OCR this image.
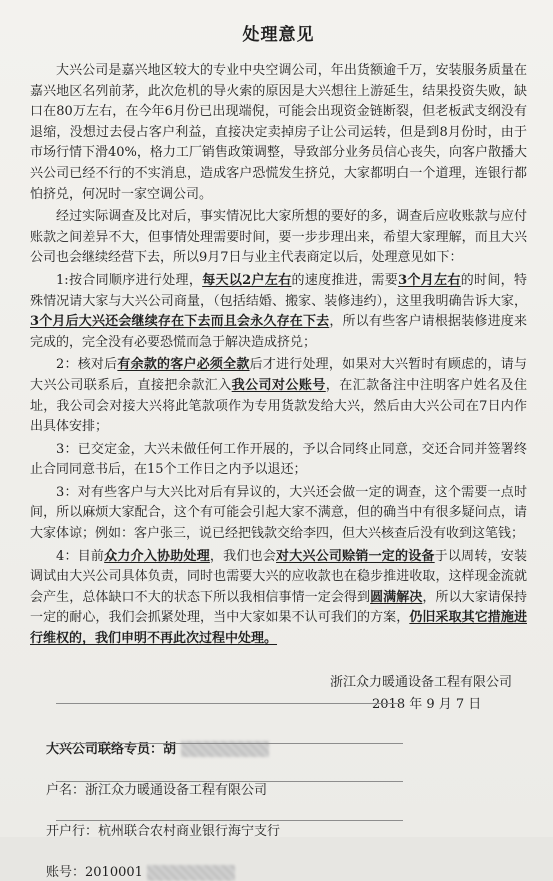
处理意见

大兴公司是嘉兴地区较大的专业中央空调公司，年出货额逾千万，安装服务质量在嘉兴地区名列前茅，此次危机的导火索的原因是大兴想往上游延生，结果投资失败，缺口在80万左右，在今年6月份已出现端倪，可能会出现资金链断裂，但老板武支纲没有退缩，没想过去侵占客户利益，直接决定卖掉房子让公司运转，但是到8月份时，由于市场行情下滑40%，格力工厂销售政策调整，导致部分业务员信心丧失，向客户散播大兴公司已经不行的不实消息，造成客户恐慌发生挤兑，大家都明白一个道理，连银行都怕挤兑，何况时一家空调公司。

经过实际调查及比对后，事实情况比大家所想的要好的多，调查后应收账款与应付账款之间差异不大，但事情处理需要时间，要一步步理出来，希望大家理解，而且大兴公司也会继续经营下去，所以9月7日与业主代表商定以后，处理意见如下：

1:按合同顺序进行处理，每天以2户左右的速度推进，需要3个月左右的时间，特殊情况请大家与大兴公司商量，（包括结婚、搬家、装修违约），这里我明确告诉大家，3个月后大兴还会继续存在下去而且会永久存在下去，所以有些客户请根据装修进度来完成的，完全没有必要恐慌而急于解决造成挤兑；

2：核对后有余款的客户必须全款后才进行处理，如果对大兴暂时有顾虑的，请与大兴公司联系后，直接把余款汇入我公司对公账号，在汇款备注中注明客户姓名及住址，我公司会对接大兴将此笔款项作为专用货款发给大兴，然后由大兴公司在7日内作出具体安排；

3：已交定金，大兴未做任何工作开展的，予以合同终止同意，交还合同并签署终止合同同意书后，在15个工作日之内予以退还；

3：对有些客户与大兴比对后有异议的，大兴还会做一定的调查，这个需要一点时间，所以麻烦大家配合，这个有可能会引起大家不满意，但的确当中有很多疑问点，请大家体谅；例如：客户张三，说已经把钱款交给李四，但大兴核查后没有收到这笔钱；

4：目前众力介入协助处理，我们也会对大兴公司赊销一定的设备于以周转，安装调试由大兴公司具体负责，同时也需要大兴的应收款也在稳步推进收取，这样现金流就会产生，总体缺口不大的状态下所以我相信事情一定会得到圆满解决，所以大家请保持一定的耐心，我们会抓紧处理，当中大家如果不认可我们的方案，仍旧采取其它措施进行维权的，我们申明不再此次过程中处理。

浙江众力暖通设备工程有限公司
2018 年 9 月 7 日
大兴公司联络专员：胡
户名：浙江众力暖通设备工程有限公司
开户行：杭州联合农村商业银行海宁支行
账号：2010001
